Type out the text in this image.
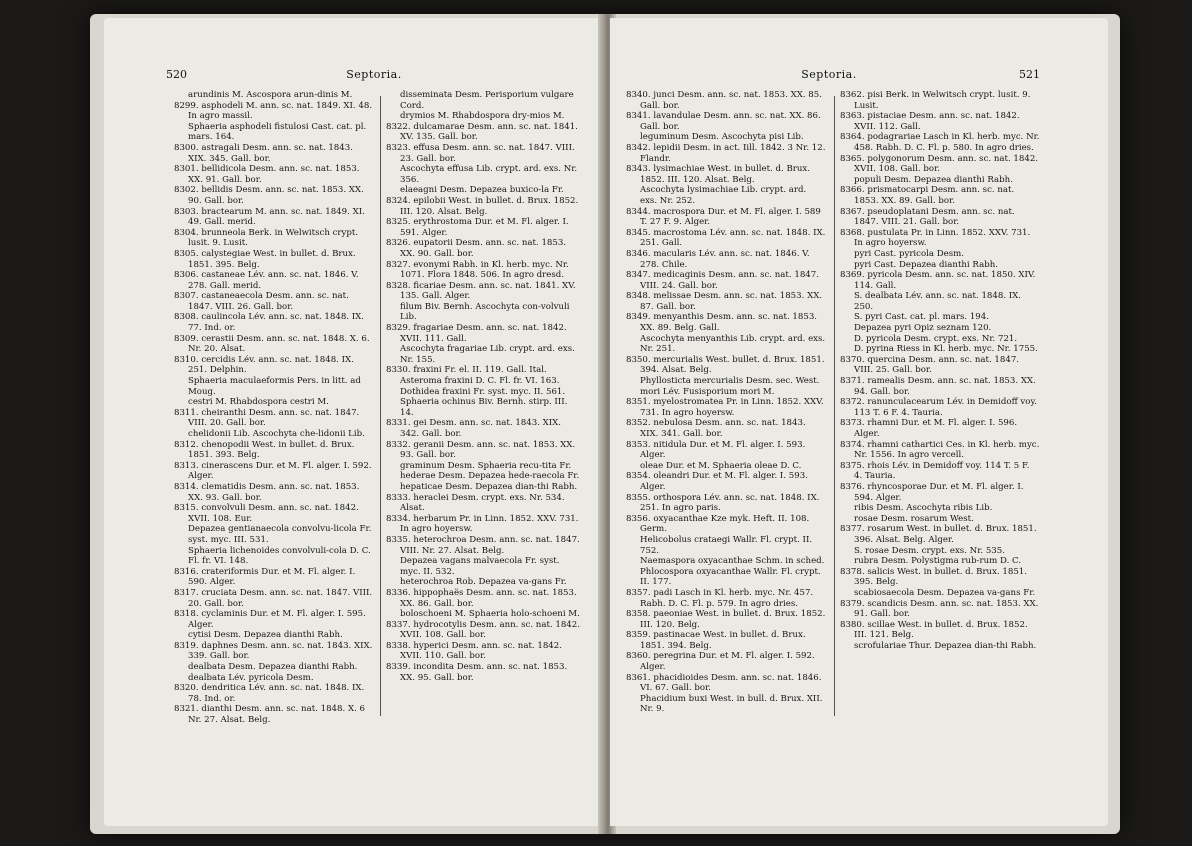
520	Septoria.

arundinis M. Ascospora arun-dinis M.

8299. asphodeli M. ann. sc. nat. 1849. XI. 48. In agro massil.

Sphaeria asphodeli fistulosi Cast. cat. pl. mars. 164.

8300. astragali Desm. ann. sc. nat. 1843. XIX. 345. Gall. bor.

8301. bellidicola Desm. ann. sc. nat. 1853. XX. 91. Gall. bor.

8302. bellidis Desm. ann. sc. nat. 1853. XX. 90. Gall. bor.

8303. bractearum M. ann. sc. nat. 1849. XI. 49. Gall. merid.

8304. brunneola Berk. in Welwitsch crypt. lusit. 9. Lusit.

8305. calystegiae West. in bullet. d. Brux. 1851. 395. Belg.

8306. castaneae Lév. ann. sc. nat. 1846. V. 278. Gall. merid.

8307. castaneaecola Desm. ann. sc. nat. 1847. VIII. 26. Gall. bor.

8308. caulincola Lév. ann. sc. nat. 1848. IX. 77. Ind. or.

8309. cerastii Desm. ann. sc. nat. 1848. X. 6. Nr. 20. Alsat.

8310. cercidis Lév. ann. sc. nat. 1848. IX. 251. Delphin.

Sphaeria maculaeformis Pers. in litt. ad Moug.

cestri M. Rhabdospora cestri M.

8311. cheiranthi Desm. ann. sc. nat. 1847. VIII. 20. Gall. bor.

chelidonii Lib. Ascochyta che-lidonii Lib.

8312. chenopodii West. in bullet. d. Brux. 1851. 393. Belg.

8313. cinerascens Dur. et M. Fl. alger. I. 592. Alger.

8314. clematidis Desm. ann. sc. nat. 1853. XX. 93. Gall. bor.

8315. convolvuli Desm. ann. sc. nat. 1842. XVII. 108. Eur.

Depazea gentianaecola convolvu-licola Fr. syst. myc. III. 531.

Sphaeria lichenoides convolvuli-cola D. C. Fl. fr. VI. 148.

8316. crateriformis Dur. et M. Fl. alger. I. 590. Alger.

8317. cruciata Desm. ann. sc. nat. 1847. VIII. 20. Gall. bor.

8318. cyclaminis Dur. et M. Fl. alger. I. 595. Alger.

cytisi Desm. Depazea dianthi Rabh.

8319. daphnes Desm. ann. sc. nat. 1843. XIX. 339. Gall. bor.

dealbata Desm. Depazea dianthi Rabh.

dealbata Lév. pyricola Desm.

8320. dendritica Lév. ann. sc. nat. 1848. IX. 78. Ind. or.

8321. dianthi Desm. ann. sc. nat. 1848. X. 6 Nr. 27. Alsat. Belg.

disseminata Desm. Perisporium vulgare Cord.

drymios M. Rhabdospora dry-mios M.

8322. dulcamarae Desm. ann. sc. nat. 1841. XV. 135. Gall. bor.

8323. effusa Desm. ann. sc. nat. 1847. VIII. 23. Gall. bor.

Ascochyta effusa Lib. crypt. ard. exs. Nr. 356.

elaeagni Desm. Depazea buxico-la Fr.

8324. epilobii West. in bullet. d. Brux. 1852. III. 120. Alsat. Belg.

8325. erythrostoma Dur. et M. Fl. alger. I. 591. Alger.

8326. eupatorii Desm. ann. sc. nat. 1853. XX. 90. Gall. bor.

8327. evonymi Rabh. in Kl. herb. myc. Nr. 1071. Flora 1848. 506. In agro dresd.

8328. ficariae Desm. ann. sc. nat. 1841. XV. 135. Gall. Alger.

filum Biv. Bernh. Ascochyta con-volvuli Lib.

8329. fragariae Desm. ann. sc. nat. 1842. XVII. 111. Gall.

Ascochyta fragariae Lib. crypt. ard. exs. Nr. 155.

8330. fraxini Fr. el. II. 119. Gall. Ital.

Asteroma fraxini D. C. Fl. fr. VI. 163.

Dothidea fraxini Fr. syst. myc. II. 561.

Sphaeria ochinus Biv. Bernh. stirp. III. 14.

8331. gei Desm. ann. sc. nat. 1843. XIX. 342. Gall. bor.

8332. geranii Desm. ann. sc. nat. 1853. XX. 93. Gall. bor.

graminum Desm. Sphaeria recu-tita Fr.

hederae Desm. Depazea hede-raecola Fr.

hepaticae Desm. Depazea dian-thi Rabh.

8333. heraclei Desm. crypt. exs. Nr. 534. Alsat.

8334. herbarum Pr. in Linn. 1852. XXV. 731. In agro hoyersw.

8335. heterochroa Desm. ann. sc. nat. 1847. VIII. Nr. 27. Alsat. Belg.

Depazea vagans malvaecola Fr. syst. myc. II. 532.

heterochroa Rob. Depazea va-gans Fr.

8336. hippophaës Desm. ann. sc. nat. 1853. XX. 86. Gall. bor.

boloschoeni M. Sphaeria holo-schoeni M.

8337. hydrocotylis Desm. ann. sc. nat. 1842. XVII. 108. Gall. bor.

8338. hyperici Desm. ann. sc. nat. 1842. XVII. 110. Gall. bor.

8339. incondita Desm. ann. sc. nat. 1853. XX. 95. Gall. bor.

Septoria.	521

8340. junci Desm. ann. sc. nat. 1853. XX. 85. Gall. bor.

8341. lavandulae Desm. ann. sc. nat. XX. 86. Gall. bor.

leguminum Desm. Ascochyta pisi Lib.

8342. lepidii Desm. in act. Iill. 1842. 3 Nr. 12. Flandr.

8343. lysimachiae West. in bullet. d. Brux. 1852. III. 120. Alsat. Belg.

Ascochyta lysimachiae Lib. crypt. ard. exs. Nr. 252.

8344. macrospora Dur. et M. Fl. alger. I. 589 T. 27 F. 9. Alger.

8345. macrostoma Lév. ann. sc. nat. 1848. IX. 251. Gall.

8346. macularis Lév. ann. sc. nat. 1846. V. 278. Chile.

8347. medicaginis Desm. ann. sc. nat. 1847. VIII. 24. Gall. bor.

8348. melissae Desm. ann. sc. nat. 1853. XX. 87. Gall. bor.

8349. menyanthis Desm. ann. sc. nat. 1853. XX. 89. Belg. Gall.

Ascochyta menyanthis Lib. crypt. ard. exs. Nr. 251.

8350. mercurialis West. bullet. d. Brux. 1851. 394. Alsat. Belg.

Phyllosticta mercurialis Desm. sec. West.

mori Lév. Fusisporium mori M.

8351. myelostromatea Pr. in Linn. 1852. XXV. 731. In agro hoyersw.

8352. nebulosa Desm. ann. sc. nat. 1843. XIX. 341. Gall. bor.

8353. nitidula Dur. et M. Fl. alger. I. 593. Alger.

oleae Dur. et M. Sphaeria oleae D. C.

8354. oleandri Dur. et M. Fl. alger. I. 593. Alger.

8355. orthospora Lév. ann. sc. nat. 1848. IX. 251. In agro paris.

8356. oxyacanthae Kze myk. Heft. II. 108. Germ.

Helicobolus crataegi Wallr. Fl. crypt. II. 752.

Naemaspora oxyacanthae Schm. in sched.

Phlocospora oxyacanthae Wallr. Fl. crypt. II. 177.

8357. padi Lasch in Kl. herb. myc. Nr. 457. Rabh. D. C. Fl. p. 579. In agro dries.

8358. paeoniae West. in bullet. d. Brux. 1852. III. 120. Belg.

8359. pastinacae West. in bullet. d. Brux. 1851. 394. Belg.

8360. peregrina Dur. et M. Fl. alger. I. 592. Alger.

8361. phacidioides Desm. ann. sc. nat. 1846. VI. 67. Gall. bor.

Phacidium buxi West. in bull. d. Brux. XII. Nr. 9.

8362. pisi Berk. in Welwitsch crypt. lusit. 9. Lusit.

8363. pistaciae Desm. ann. sc. nat. 1842. XVII. 112. Gall.

8364. podagrariae Lasch in Kl. herb. myc. Nr. 458. Rabh. D. C. Fl. p. 580. In agro dries.

8365. polygonorum Desm. ann. sc. nat. 1842. XVII. 108. Gall. bor.

populi Desm. Depazea dianthi Rabh.

8366. prismatocarpi Desm. ann. sc. nat. 1853. XX. 89. Gall. bor.

8367. pseudoplatani Desm. ann. sc. nat. 1847. VIII. 21. Gall. bor.

8368. pustulata Pr. in Linn. 1852. XXV. 731. In agro hoyersw.

pyri Cast. pyricola Desm.

pyri Cast. Depazea dianthi Rabh.

8369. pyricola Desm. ann. sc. nat. 1850. XIV. 114. Gall.

S. dealbata Lév. ann. sc. nat. 1848. IX. 250.

S. pyri Cast. cat. pl. mars. 194.

Depazea pyri Opiz seznam 120.

D. pyricola Desm. crypt. exs. Nr. 721.

D. pyrina Riess in Kl. herb. myc. Nr. 1755.

8370. quercina Desm. ann. sc. nat. 1847. VIII. 25. Gall. bor.

8371. ramealis Desm. ann. sc. nat. 1853. XX. 94. Gall. bor.

8372. ranunculacearum Lév. in Demidoff voy. 113 T. 6 F. 4. Tauria.

8373. rhamni Dur. et M. Fl. alger. I. 596. Alger.

8374. rhamni cathartici Ces. in Kl. herb. myc. Nr. 1556. In agro vercell.

8375. rhois Lév. in Demidoff voy. 114 T. 5 F. 4. Tauria.

8376. rhyncosporae Dur. et M. Fl. alger. I. 594. Alger.

ribis Desm. Ascochyta ribis Lib.

rosae Desm. rosarum West.

8377. rosarum West. in bullet. d. Brux. 1851. 396. Alsat. Belg. Alger.

S. rosae Desm. crypt. exs. Nr. 535.

rubra Desm. Polystigma rub-rum D. C.

8378. salicis West. in bullet. d. Brux. 1851. 395. Belg.

scabiosaecola Desm. Depazea va-gans Fr.

8379. scandicis Desm. ann. sc. nat. 1853. XX. 91. Gall. bor.

8380. scillae West. in bullet. d. Brux. 1852. III. 121. Belg.

scrofulariae Thur. Depazea dian-thi Rabh.
